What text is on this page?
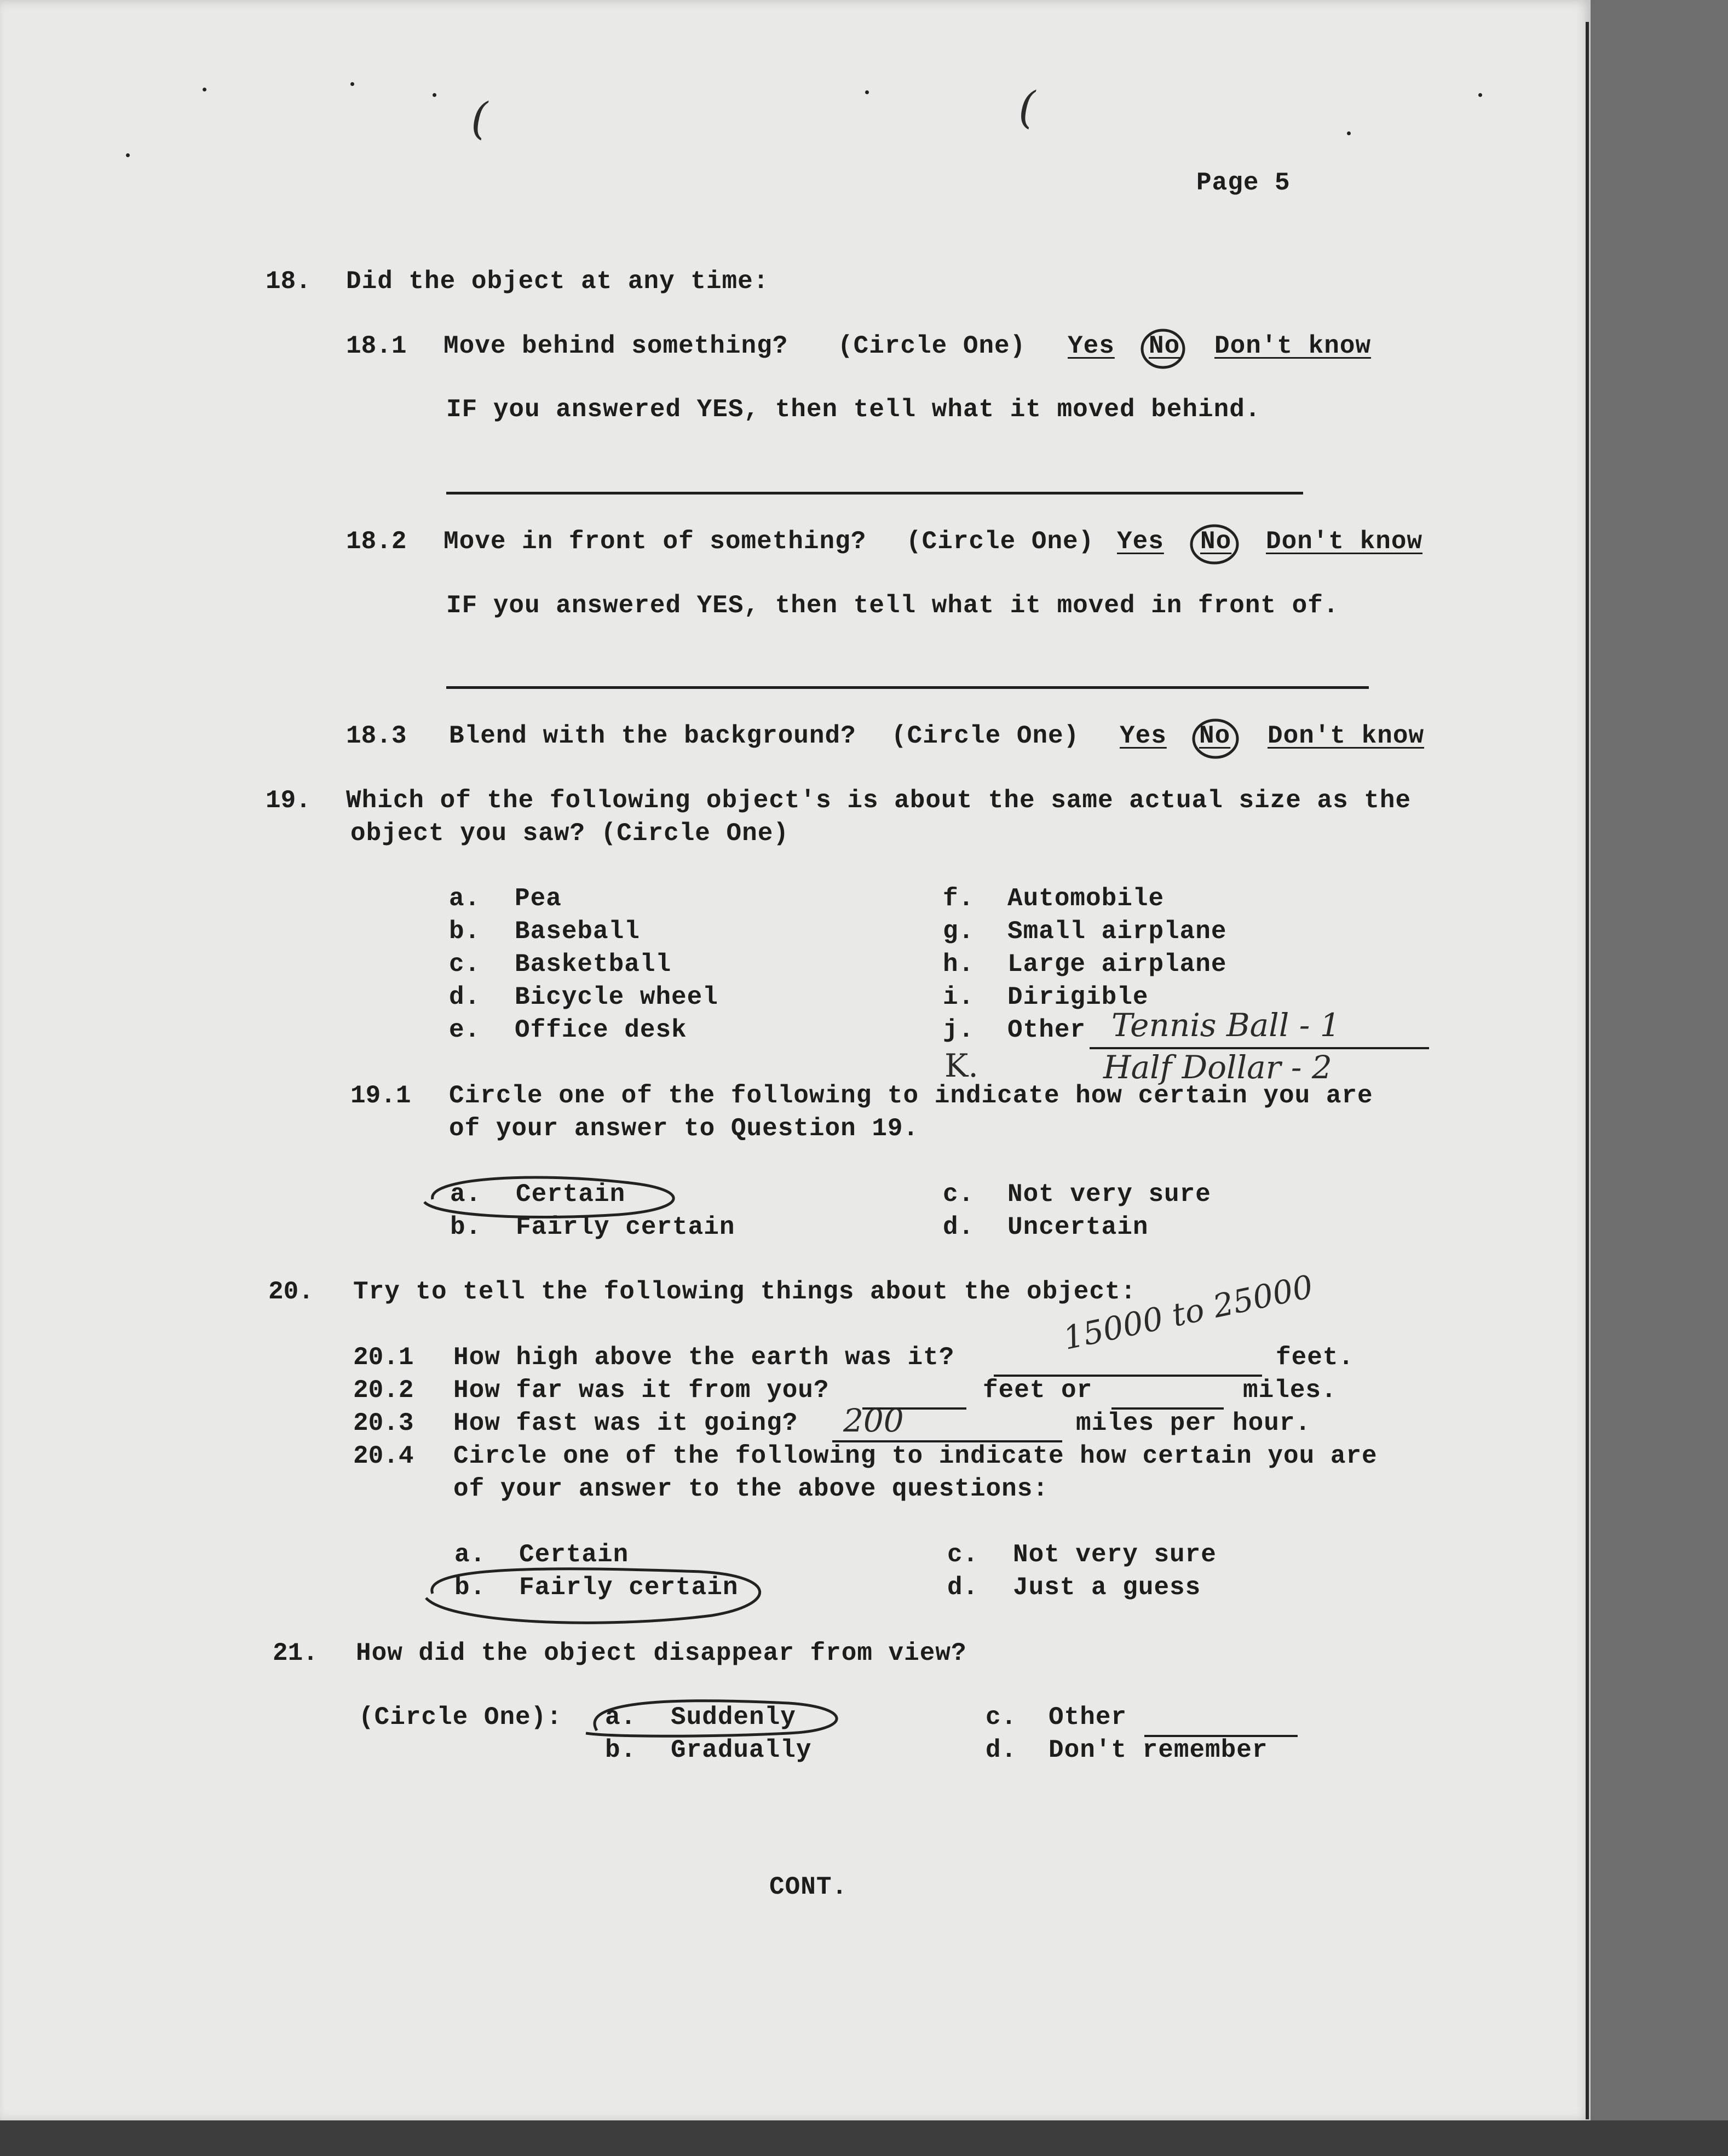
(	(
Page 5
18. Did the object at any time:
18.1 Move behind something? (Circle One) Yes No Don't know
IF you answered YES, then tell what it moved behind.
18.2 Move in front of something? (Circle One) Yes No Don't know
IF you answered YES, then tell what it moved in front of.
18.3 Blend with the background? (Circle One) Yes No Don't know
19. Which of the following object's is about the same actual size as the
object you saw? (Circle One)
a. Pea
b. Baseball
c. Basketball
d. Bicycle wheel
e. Office desk
f. Automobile
g. Small airplane
h. Large airplane
i. Dirigible
j. Other Tennis Ball - 1
K.	Half Dollar - 2
19.1 Circle one of the following to indicate how certain you are
of your answer to Question 19.
a. Certain
b. Fairly certain
c. Not very sure
d. Uncertain
20. Try to tell the following things about the object:
20.1 How high above the earth was it?
15000 to 25000
feet.
20.2 How far was it from you?	feet or	miles.
20.3 How fast was it going? 200	miles per hour.
20.4 Circle one of the following to indicate how certain you are
of your answer to the above questions:
a. Certain
b. Fairly certain
c. Not very sure
d. Just a guess
21. How did the object disappear from view?
(Circle One): a. Suddenly
b. Gradually
c. Other
d. Don't remember
CONT.
